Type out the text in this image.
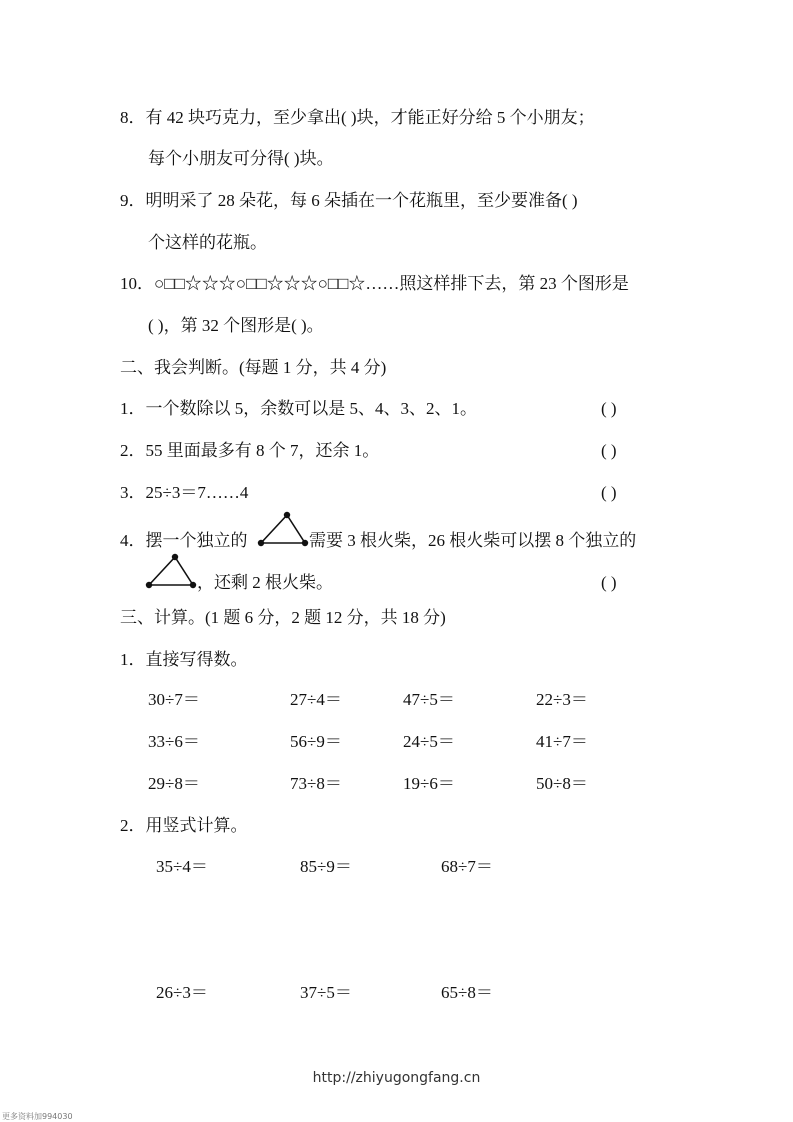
8．有 42 块巧克力，至少拿出( )块，才能正好分给 5 个小朋友；
每个小朋友可分得( )块。
9．明明采了 28 朵花，每 6 朵插在一个花瓶里，至少要准备( )
个这样的花瓶。
10．○□□☆☆☆○□□☆☆☆○□□☆……照这样排下去，第 23 个图形是
( )，第 32 个图形是( )。
二、我会判断。(每题 1 分，共 4 分)
1．一个数除以 5，余数可以是 5、4、3、2、1。	( )
2．55 里面最多有 8 个 7，还余 1。	( )
3．25÷3＝7……4	( )
4．摆一个独立的	需要 3 根火柴，26 根火柴可以摆 8 个独立的
，还剩 2 根火柴。	( )
三、计算。(1 题 6 分，2 题 12 分，共 18 分)
1．直接写得数。
30÷7＝	27÷4＝	47÷5＝	22÷3＝
33÷6＝	56÷9＝	24÷5＝	41÷7＝
29÷8＝	73÷8＝	19÷6＝	50÷8＝
2．用竖式计算。
35÷4＝	85÷9＝	68÷7＝
26÷3＝	37÷5＝	65÷8＝
http://zhiyugongfang.cn
更多资料加994030
